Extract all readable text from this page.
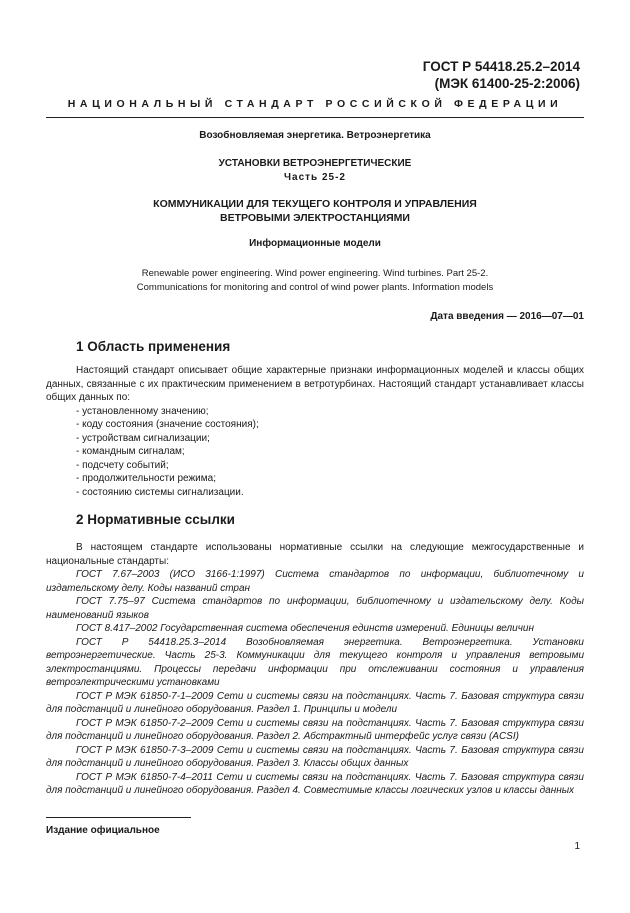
ГОСТ Р 54418.25.2–2014
(МЭК 61400-25-2:2006)
НАЦИОНАЛЬНЫЙ СТАНДАРТ РОССИЙСКОЙ ФЕДЕРАЦИИ
Возобновляемая энергетика. Ветроэнергетика
УСТАНОВКИ ВЕТРОЭНЕРГЕТИЧЕСКИЕ
Часть 25-2
КОММУНИКАЦИИ ДЛЯ ТЕКУЩЕГО КОНТРОЛЯ И УПРАВЛЕНИЯ
ВЕТРОВЫМИ ЭЛЕКТРОСТАНЦИЯМИ
Информационные модели
Renewable power engineering. Wind power engineering. Wind turbines. Part 25-2.
Communications for monitoring and control of wind power plants. Information models
Дата введения — 2016—07—01
1 Область применения
Настоящий стандарт описывает общие характерные признаки информационных моделей и классы общих данных, связанные с их практическим применением в ветротурбинах. Настоящий стандарт устанавливает классы общих данных по:
- установленному значению;
- коду состояния (значение состояния);
- устройствам сигнализации;
- командным сигналам;
- подсчету событий;
- продолжительности режима;
- состоянию системы сигнализации.
2 Нормативные ссылки
В настоящем стандарте использованы нормативные ссылки на следующие межгосударственные и национальные стандарты:
ГОСТ 7.67–2003 (ИСО 3166-1:1997) Система стандартов по информации, библиотечному и издательскому делу. Коды названий стран
ГОСТ 7.75–97 Система стандартов по информации, библиотечному и издательскому делу. Коды наименований языков
ГОСТ 8.417–2002 Государственная система обеспечения единств измерений. Единицы величин
ГОСТ Р 54418.25.3–2014 Возобновляемая энергетика. Ветроэнергетика. Установки ветроэнергетические. Часть 25-3. Коммуникации для текущего контроля и управления ветровыми электростанциями. Процессы передачи информации при отслеживании состояния и управления ветроэлектрическими установками
ГОСТ Р МЭК 61850-7-1–2009 Сети и системы связи на подстанциях. Часть 7. Базовая структура связи для подстанций и линейного оборудования. Раздел 1. Принципы и модели
ГОСТ Р МЭК 61850-7-2–2009 Сети и системы связи на подстанциях. Часть 7. Базовая структура связи для подстанций и линейного оборудования. Раздел 2. Абстрактный интерфейс услуг связи (ACSI)
ГОСТ Р МЭК 61850-7-3–2009 Сети и системы связи на подстанциях. Часть 7. Базовая структура связи для подстанций и линейного оборудования. Раздел 3. Классы общих данных
ГОСТ Р МЭК 61850-7-4–2011 Сети и системы связи на подстанциях. Часть 7. Базовая структура связи для подстанций и линейного оборудования. Раздел 4. Совместимые классы логических узлов и классы данных
Издание официальное
1
